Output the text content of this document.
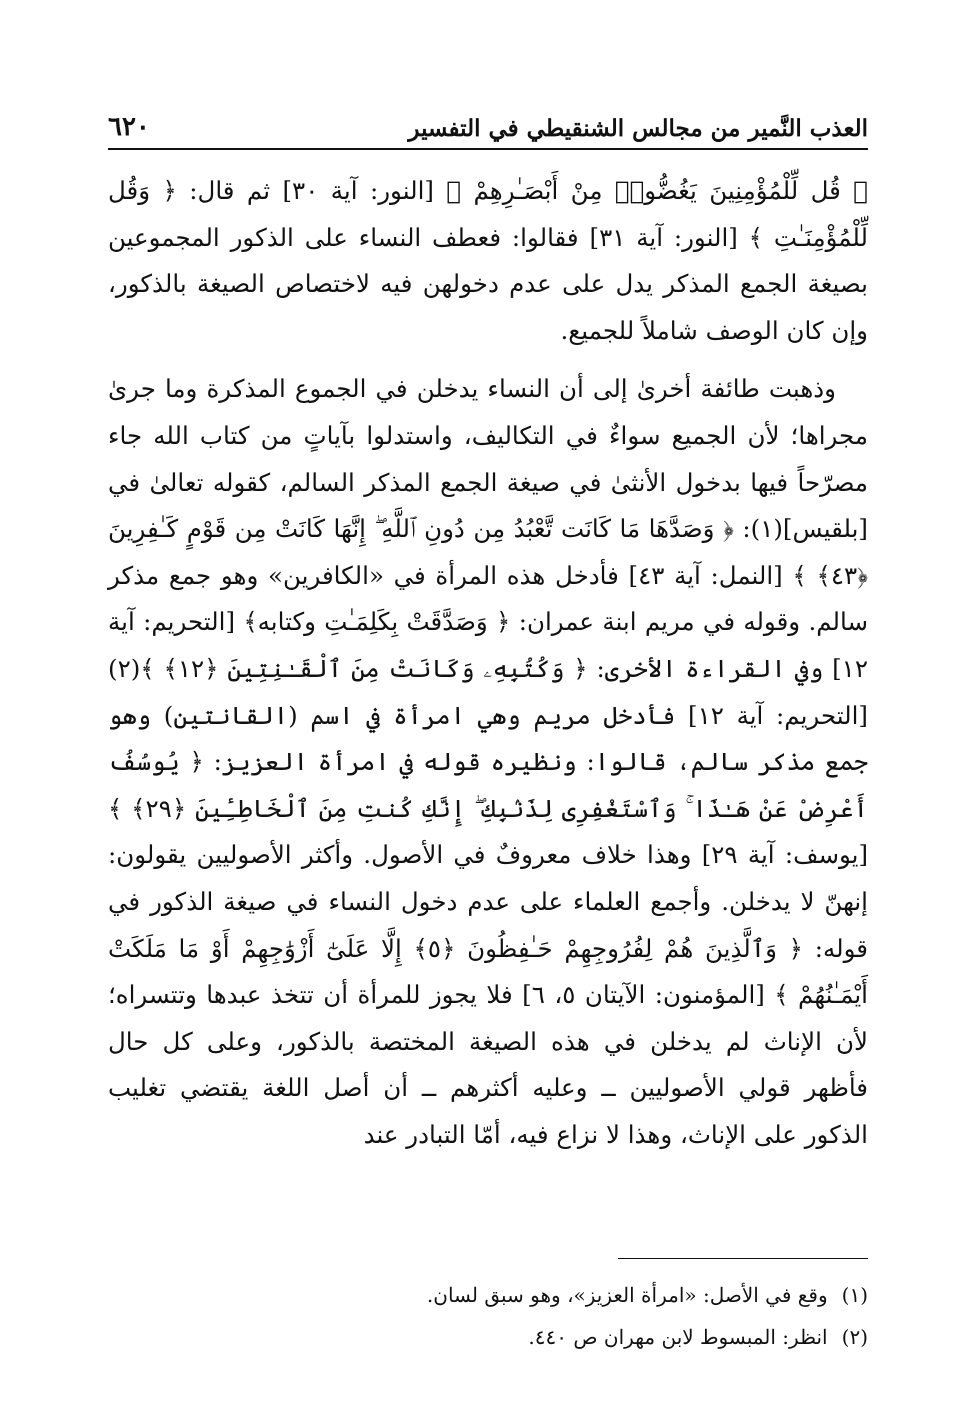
العذب النَّمير من مجالس الشنقيطي في التفسير
٦٢٠

﴿ قُل لِّلْمُؤْمِنِينَ يَغُضُّوا۟ مِنْ أَبْصَـٰرِهِمْ ﴾ [النور: آية ٣٠] ثم قال: ﴿ وَقُل لِّلْمُؤْمِنَـٰتِ ﴾ [النور: آية ٣١] فقالوا: فعطف النساء على الذكور المجموعين بصيغة الجمع المذكر يدل على عدم دخولهن فيه لاختصاص الصيغة بالذكور، وإن كان الوصف شاملاً للجميع.

وذهبت طائفة أخرىٰ إلى أن النساء يدخلن في الجموع المذكرة وما جرىٰ مجراها؛ لأن الجميع سواءٌ في التكاليف، واستدلوا بآياتٍ من كتاب الله جاء مصرّحاً فيها بدخول الأنثىٰ في صيغة الجمع المذكر السالم، كقوله تعالىٰ في [بلقيس](١): ﴿ وَصَدَّهَا مَا كَانَت تَّعْبُدُ مِن دُونِ ٱللَّهِ ۖ إِنَّهَا كَانَتْ مِن قَوْمٍ كَـٰفِرِينَ ﴿٤٣﴾ ﴾ [النمل: آية ٤٣] فأدخل هذه المرأة في «الكافرين» وهو جمع مذكر سالم. وقوله في مريم ابنة عمران: ﴿ وَصَدَّقَتْ بِكَلِمَـٰتِ وكتابه﴾ [التحريم: آية ١٢] وفي القراءة الأخرى: ﴿ وَكُتُبِهِۦ وَكَانَتْ مِنَ ٱلْقَـٰنِتِينَ ﴿١٢﴾ ﴾(٢) [التحريم: آية ١٢] فأدخل مريم وهي امرأة في اسم (القانتين) وهو جمع مذكر سالم، قالوا: ونظيره قوله في امرأة العزيز: ﴿ يُوسُفُ أَعْرِضْ عَنْ هَـٰذَا ۚ وَٱسْتَغْفِرِى لِذَنۢبِكِ ۖ إِنَّكِ كُنتِ مِنَ ٱلْخَاطِـِٔينَ ﴿٢٩﴾ ﴾ [يوسف: آية ٢٩] وهذا خلاف معروفٌ في الأصول. وأكثر الأصوليين يقولون: إنهنّ لا يدخلن. وأجمع العلماء على عدم دخول النساء في صيغة الذكور في قوله: ﴿ وَٱلَّذِينَ هُمْ لِفُرُوجِهِمْ حَـٰفِظُونَ ﴿٥﴾ إِلَّا عَلَىٰٓ أَزْوَٰجِهِمْ أَوْ مَا مَلَكَتْ أَيْمَـٰنُهُمْ ﴾ [المؤمنون: الآيتان ٥، ٦] فلا يجوز للمرأة أن تتخذ عبدها وتتسراه؛ لأن الإناث لم يدخلن في هذه الصيغة المختصة بالذكور، وعلى كل حال فأظهر قولي الأصوليين ــ وعليه أكثرهم ــ أن أصل اللغة يقتضي تغليب الذكور على الإناث، وهذا لا نزاع فيه، أمّا التبادر عند

(١)وقع في الأصل: «امرأة العزيز»، وهو سبق لسان.
(٢)انظر: المبسوط لابن مهران ص ٤٤٠.
